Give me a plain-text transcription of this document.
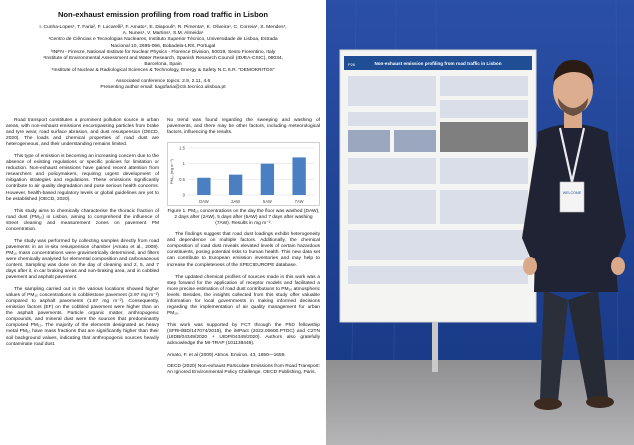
Non-exhaust emission profiling from road traffic in Lisbon
I. Cunha-Lopes¹, T. Faria², F. Lucarelli³, F. Amato⁴, E. Diapouli⁵, R. Pimenta⁶, K. Oliveira¹, C. Correia¹, S. Mendes¹,
A. Nunes¹, V. Martins¹, S.M. Almeida¹
¹Centro de Ciências e Tecnologias Nucleares, Instituto Superior Técnico, Universidade de Lisboa, Estrada
Nacional 10, 2695-066, Bobadela-LRS, Portugal
³INFN - Firenze, National Institute for Nuclear Physics - Florence Division, 50019, Sesto Fiorentino, Italy
⁴Institute of Environmental Assessment and Water Research, Spanish Research Council (IDÆA-CSIC), 08034,
Barcelona, Spain
⁵Institute of Nuclear & Radiological Sciences & Technology, Energy & Safety N.C.S.R. "DEMOKRITOS"
Associated conference topics: 2.9, 2.11, 4.6
Presenting author email: tiagofaria@ctn.tecnico.ulisboa.pt

Road transport constitutes a prominent pollution source in urban areas, with non-exhaust emissions encompassing particles from brake and tyre wear, road surface abrasion, and dust resuspension (OECD, 2020). The loads and chemical properties of road dust are heterogeneous, and their understanding remains limited.

This type of emission is becoming an increasing concern due to the absence of existing regulations or specific policies for limitation or reduction. Non-exhaust emissions have gained recent attention from researchers and policymakers, requiring urgent development of mitigation strategies and regulations. These emissions significantly contribute to air quality degradation and pose serious health concerns. However, health-based regulatory levels or global guidelines are yet to be established (OECD, 2020).

This study aims to chemically characterise the thoracic fraction of road dust (PM₁₀) in Lisbon, aiming to comprehend the influence of street cleaning and measurement zones on pavement PM concentration.

The study was performed by collecting samples directly from road pavements in an in-situ resuspension chamber (Amato et al., 2009). PM₁₀ mass concentrations were gravimetrically determined, and filters were chemically analysed for elemental composition and carbonaceous content. Sampling was done on the day of cleaning and 2, 5, and 7 days after it, in car braking areas and non-braking area, and in cobbled pavement and asphalt pavement.

The sampling carried out in the various locations showed higher values of PM₁₀ concentrations in cobblestone pavement (2.97 mg m⁻²) compared to asphalt pavements (1.87 mg m⁻²). Consequently, emission factors (EF) on the cobbled pavement were higher than on the asphalt pavements. Particle organic matter, anthropogenic compounds, and mineral dust were the sources that predominantly composed PM₁₀. The majority of the elements designated as heavy metal PM₁₀ have mass fractions that are significantly higher than their soil background values, indicating that anthropogenic sources heavily contaminate road dust.

No trend was found regarding the sweeping and washing of pavements, and there may be other factors, including meteorological factors, influencing the results.

0
0.5
1
1.5
PM₁₀ (mg m⁻²)
DAW	2AW	5AW	7AW
Figure 1. PM₁₀ concentrations on the day the floor was washed (DAW), 2 days after (2AW), 5 days after (5AW) and 7 days after washing (7AW). Results in mg m⁻².

The findings suggest that road dust loadings exhibit heterogeneity and dependence on multiple factors. Additionally, the chemical composition of road dust reveals elevated levels of certain hazardous constituents, posing potential risks to human health. This new data set can contribute to European emission inventories and may help to increase the completeness of the SPECIEUROPE database.

The updated chemical profiles of sources made in this work was a step forward for the application of receptor models and facilitated a more precise estimation of road dust contributions to PM₁₀ atmospheric levels. Besides, the insights collected from this study offer valuable information for local governments in making informed decisions regarding the implementation of air quality management for urban PM₁₀.

This work was supported by FCT through the PhD fellowship (SFRH/BD/147074/2019), the iMPact (2022.00600.PTDC) and C2TN (UIDB/04349/2020 + UIDP/04349/2020). Authors also gratefully acknowledge the MI-TRAP (101138449).

Amato, F. et al (2009) Atmos. Environ. 43, 1650—1659.

OECD (2020) Non-exhaust Particulate Emissions from Road Transport: An Ignored Environmental Policy Challenge. OECD Publishing, Paris.

Non-exhaust emission profiling from road traffic in Lisbon
P26
WELCOME
